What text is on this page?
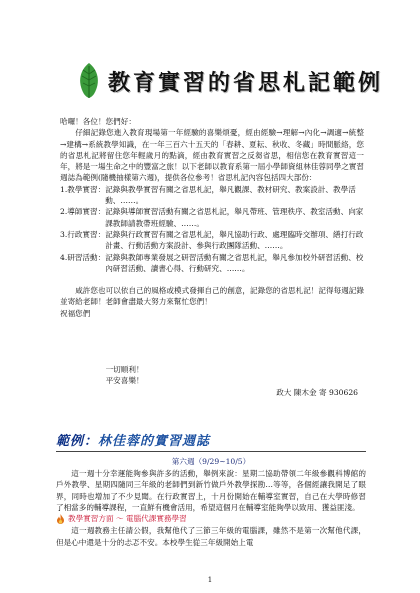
教育實習的省思札記範例

哈囉！各位！您們好：

仔細記錄您進入教育現場第一年經驗的喜樂煩憂，經由經驗→理解→內化→調適→統整→建構→系統教學知識，在一年三百六十五天的「春耕、夏耘、秋收、冬藏」時間脈絡，您的省思札記將留住您年輕歲月的點滴，經由教育實習之反芻省思，相信您在教育實習這一年，將是一場生命之中的豐富之旅！以下老師以教育系第一屆小學師資組林佳蓉同學之實習週誌為範例(隨機抽樣第六週)，提供各位參考！省思札記內容包括四大部份：

1.教學實習： 記錄與教學實習有關之省思札記，舉凡觀課、教材研究、教案設計、教學活動、……。
2.導師實習： 記錄與導師實習活動有關之省思札記，舉凡帶班、管理秩序、教室活動、向家課教師請教帶班經驗、……。
3.行政實習： 記錄與行政實習有關之省思札記，舉凡協助行政、處理臨時交辦項、繕打行政計畫、行動活動方案設計、參與行政團隊活動、……。
4.研習活動： 記錄與教師專業發展之研習活動有關之省思札記，舉凡參加校外研習活動、校內研習活動、讀書心得、行動研究、……。

咸許您也可以依自己的風格或模式發揮自己的創意，記錄您的省思札記！記得每週記錄並寄給老師！老師會盡最大努力來幫忙您們！

祝福您們

一切順利！
平安喜樂！
政大 陳木金 寄 930626
範例：林佳蓉的實習週誌
第六週（9/29~10/5）

這一週十分幸運能夠參與許多的活動，舉例來說：星期二協助帶領二年級參觀科博館的戶外教學、星期四隨同三年級的老師們到新竹做戶外教學探勘…等等，各個經讓我開足了眼界，同時也增加了不少見聞。在行政實習上，十月份開始在輔導室實習，自己在大學時修習了相當多的輔導課程，一直鮮有機會活用，希望這個月在輔導室能夠學以致用、獲益匪淺。

教學實習方面 ～ 電腦代課實務學習

這一週教務主任請公假，我幫他代了三節三年級的電腦課，雖然不是第一次幫他代課，但是心中還是十分的忐忑不安。本校學生從三年級開始上電

1
